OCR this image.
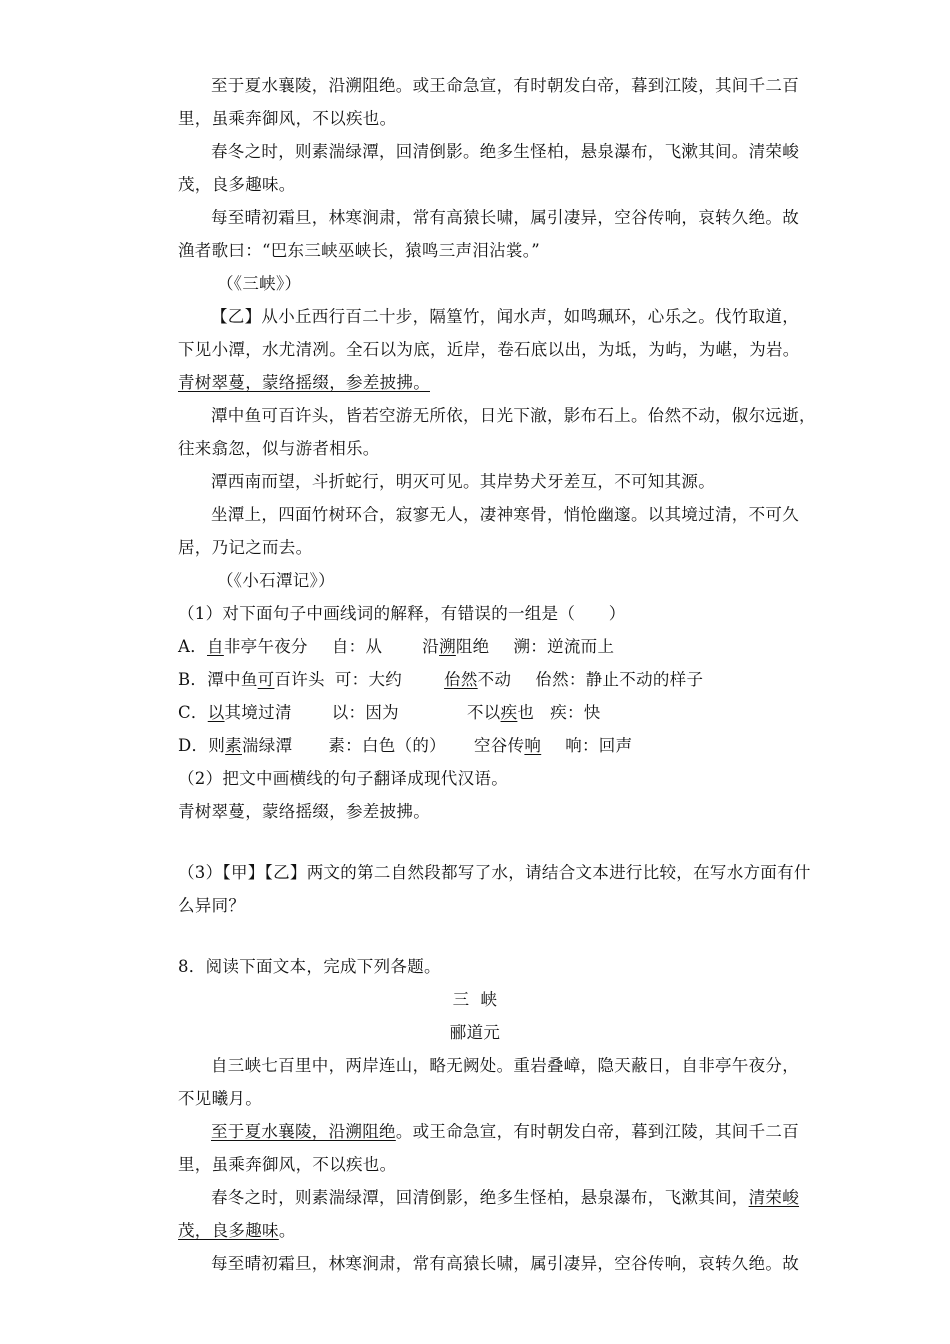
至于夏水襄陵，沿溯阻绝。或王命急宣，有时朝发白帝，暮到江陵，其间千二百
里，虽乘奔御风，不以疾也。
春冬之时，则素湍绿潭，回清倒影。绝多生怪柏，悬泉瀑布，飞漱其间。清荣峻
茂，良多趣味。
每至晴初霜旦，林寒涧肃，常有高猿长啸，属引凄异，空谷传响，哀转久绝。故
渔者歌曰：“巴东三峡巫峡长，猿鸣三声泪沾裳。”
（《三峡》）
【乙】从小丘西行百二十步，隔篁竹，闻水声，如鸣珮环，心乐之。伐竹取道，
下见小潭，水尤清冽。全石以为底，近岸，卷石底以出，为坻，为屿，为嵁，为岩。
青树翠蔓，蒙络摇缀，参差披拂。
潭中鱼可百许头，皆若空游无所依，日光下澈，影布石上。佁然不动，俶尔远逝，
往来翕忽，似与游者相乐。
潭西南而望，斗折蛇行，明灭可见。其岸势犬牙差互，不可知其源。
坐潭上，四面竹树环合，寂寥无人，凄神寒骨，悄怆幽邃。以其境过清，不可久
居，乃记之而去。
（《小石潭记》）
（1）对下面句子中画线词的解释，有错误的一组是（　　）
A．自非亭午夜分 自：从 沿溯阻绝 溯：逆流而上
B．潭中鱼可百许头 可：大约	佁然不动 佁然：静止不动的样子
C．以其境过清 以：因为	不以疾也 疾：快
D．则素湍绿潭 素：白色（的） 空谷传响 响：回声
（2）把文中画横线的句子翻译成现代汉语。
青树翠蔓，蒙络摇缀，参差披拂。
（3）【甲】【乙】两文的第二自然段都写了水，请结合文本进行比较，在写水方面有什
么异同？
8．阅读下面文本，完成下列各题。
三  峡
郦道元
自三峡七百里中，两岸连山，略无阙处。重岩叠嶂，隐天蔽日，自非亭午夜分，
不见曦月。
至于夏水襄陵，沿溯阻绝。或王命急宣，有时朝发白帝，暮到江陵，其间千二百
里，虽乘奔御风，不以疾也。
春冬之时，则素湍绿潭，回清倒影，绝多生怪柏，悬泉瀑布，飞漱其间，清荣峻
茂，良多趣味。
每至晴初霜旦，林寒涧肃，常有高猿长啸，属引凄异，空谷传响，哀转久绝。故
